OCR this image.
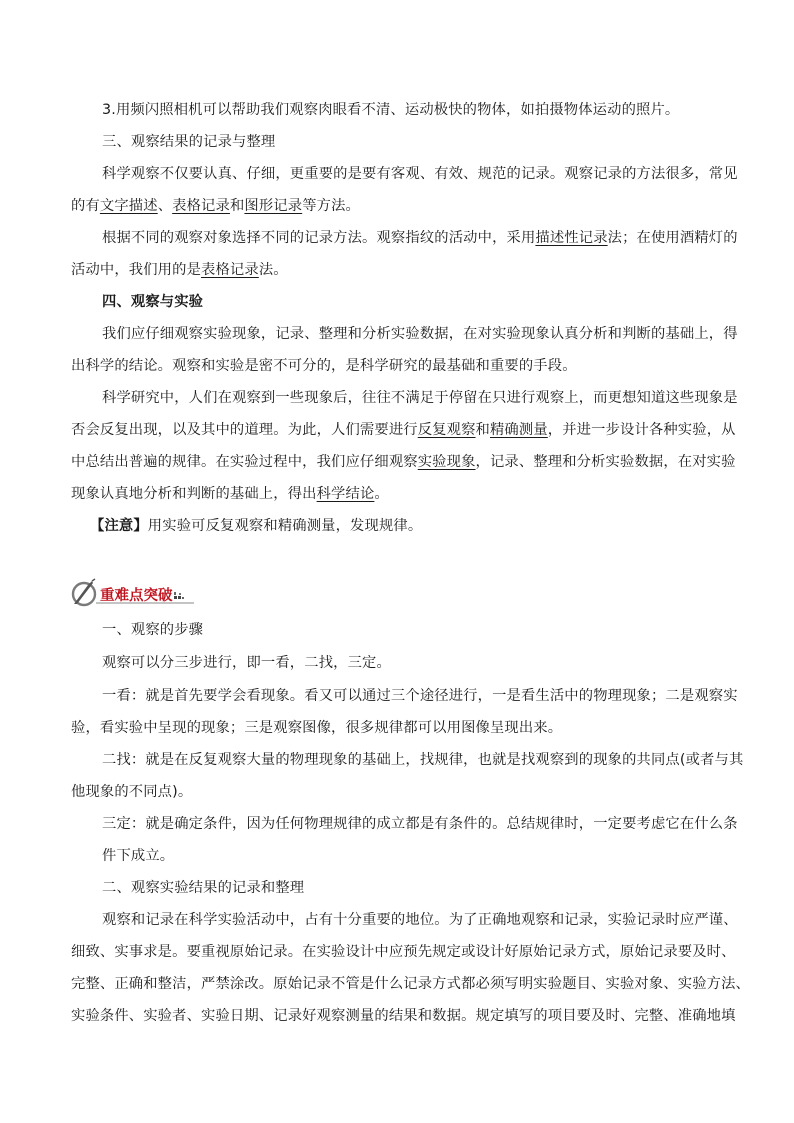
3.用频闪照相机可以帮助我们观察肉眼看不清、运动极快的物体，如拍摄物体运动的照片。
三、观察结果的记录与整理
科学观察不仅要认真、仔细，更重要的是要有客观、有效、规范的记录。观察记录的方法很多，常见
的有文字描述、表格记录和图形记录等方法。
根据不同的观察对象选择不同的记录方法。观察指纹的活动中，采用描述性记录法；在使用酒精灯的
活动中，我们用的是表格记录法。
四、观察与实验
我们应仔细观察实验现象，记录、整理和分析实验数据，在对实验现象认真分析和判断的基础上，得
出科学的结论。观察和实验是密不可分的，是科学研究的最基础和重要的手段。
科学研究中，人们在观察到一些现象后，往往不满足于停留在只进行观察上，而更想知道这些现象是
否会反复出现，以及其中的道理。为此，人们需要进行反复观察和精确测量，并进一步设计各种实验，从
中总结出普遍的规律。在实验过程中，我们应仔细观察实验现象，记录、整理和分析实验数据，在对实验
现象认真地分析和判断的基础上，得出科学结论。
【注意】用实验可反复观察和精确测量，发现规律。
重难点突破
一、观察的步骤
观察可以分三步进行，即一看，二找，三定。
一看：就是首先要学会看现象。看又可以通过三个途径进行，一是看生活中的物理现象；二是观察实
验，看实验中呈现的现象；三是观察图像，很多规律都可以用图像呈现出来。
二找：就是在反复观察大量的物理现象的基础上，找规律，也就是找观察到的现象的共同点(或者与其
他现象的不同点)。
三定：就是确定条件，因为任何物理规律的成立都是有条件的。总结规律时，一定要考虑它在什么条
件下成立。
二、观察实验结果的记录和整理
观察和记录在科学实验活动中，占有十分重要的地位。为了正确地观察和记录，实验记录时应严谨、
细致、实事求是。要重视原始记录。在实验设计中应预先规定或设计好原始记录方式，原始记录要及时、
完整、正确和整洁，严禁涂改。原始记录不管是什么记录方式都必须写明实验题目、实验对象、实验方法、
实验条件、实验者、实验日期、记录好观察测量的结果和数据。规定填写的项目要及时、完整、准确地填
